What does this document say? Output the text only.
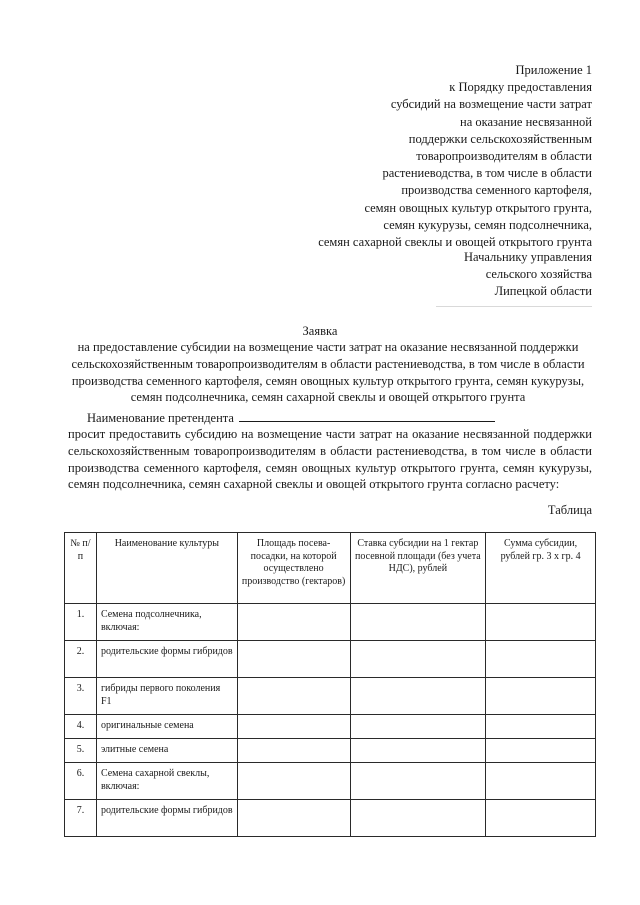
Приложение 1
к Порядку предоставления
субсидий на возмещение части затрат
на оказание несвязанной
поддержки сельскохозяйственным
товаропроизводителям в области
растениеводства, в том числе в области
производства семенного картофеля,
семян овощных культур открытого грунта,
семян кукурузы, семян подсолнечника,
семян сахарной свеклы и овощей открытого грунта
Начальнику управления
сельского хозяйства
Липецкой области
Заявка
на предоставление субсидии на возмещение части затрат на оказание несвязанной поддержки сельскохозяйственным товаропроизводителям в области растениеводства, в том числе в области производства семенного картофеля, семян овощных культур открытого грунта, семян кукурузы, семян подсолнечника, семян сахарной свеклы и овощей открытого грунта
Наименование претендента
просит предоставить субсидию на возмещение части затрат на оказание несвязанной поддержки сельскохозяйственным товаропроизводителям в области растениеводства, в том числе в области производства семенного картофеля, семян овощных культур открытого грунта, семян кукурузы, семян подсолнечника, семян сахарной свеклы и овощей открытого грунта согласно расчету:
Таблица
№ п/п	Наименование культуры	Площадь посева-посадки, на которой осуществлено производство (гектаров)	Ставка субсидии на 1 гектар посевной площади (без учета НДС), рублей	Сумма субсидии, рублей гр. 3 х гр. 4
1.	Семена подсолнечника, включая:			
2.	родительские формы гибридов			
3.	гибриды первого поколения F1			
4.	оригинальные семена			
5.	элитные семена			
6.	Семена сахарной свеклы, включая:			
7.	родительские формы гибридов			
